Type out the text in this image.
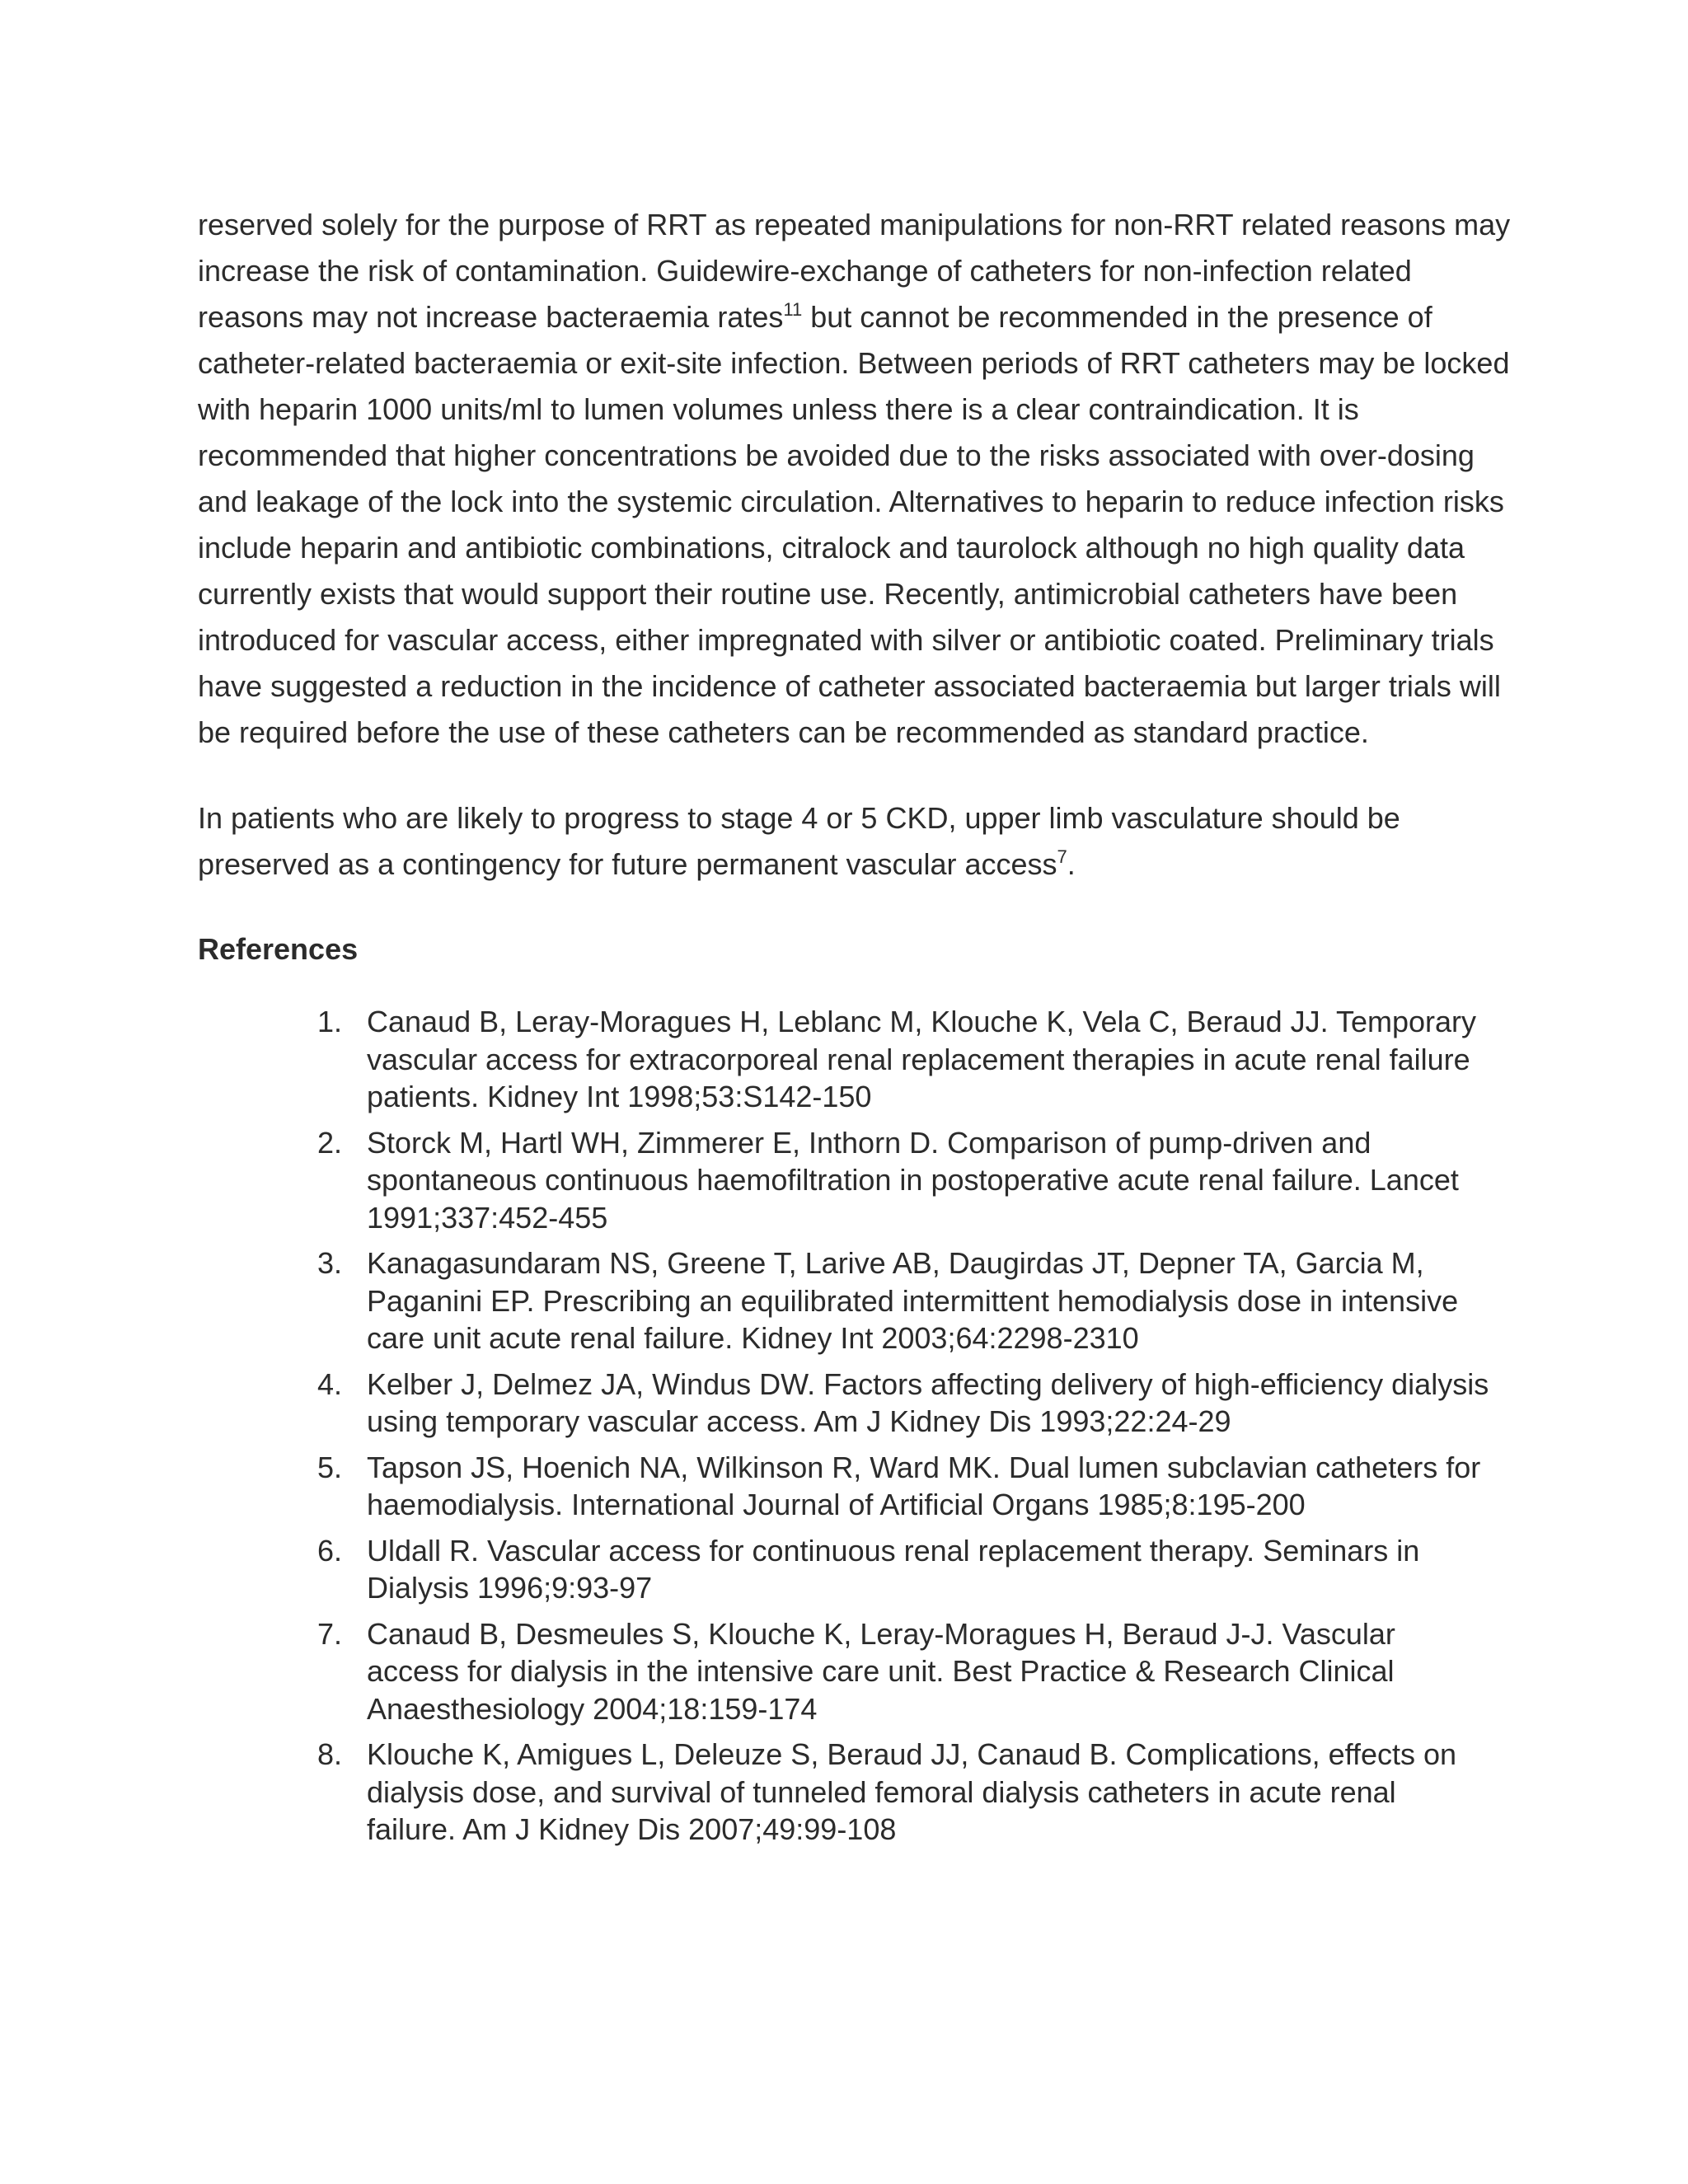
reserved solely for the purpose of RRT as repeated manipulations for non-RRT related reasons may increase the risk of contamination. Guidewire-exchange of catheters for non-infection related reasons may not increase bacteraemia rates$^{11}$ but cannot be recommended in the presence of catheter-related bacteraemia or exit-site infection. Between periods of RRT catheters may be locked with heparin 1000 units/ml to lumen volumes unless there is a clear contraindication. It is recommended that higher concentrations be avoided due to the risks associated with over-dosing and leakage of the lock into the systemic circulation. Alternatives to heparin to reduce infection risks include heparin and antibiotic combinations, citralock and taurolock although no high quality data currently exists that would support their routine use. Recently, antimicrobial catheters have been introduced for vascular access, either impregnated with silver or antibiotic coated. Preliminary trials have suggested a reduction in the incidence of catheter associated bacteraemia but larger trials will be required before the use of these catheters can be recommended as standard practice.

In patients who are likely to progress to stage 4 or 5 CKD, upper limb vasculature should be preserved as a contingency for future permanent vascular access$^7$.

References
1. Canaud B, Leray-Moragues H, Leblanc M, Klouche K, Vela C, Beraud JJ. Temporary vascular access for extracorporeal renal replacement therapies in acute renal failure patients. Kidney Int 1998;53:S142-150
2. Storck M, Hartl WH, Zimmerer E, Inthorn D. Comparison of pump-driven and spontaneous continuous haemofiltration in postoperative acute renal failure. Lancet 1991;337:452-455
3. Kanagasundaram NS, Greene T, Larive AB, Daugirdas JT, Depner TA, Garcia M, Paganini EP. Prescribing an equilibrated intermittent hemodialysis dose in intensive care unit acute renal failure. Kidney Int 2003;64:2298-2310
4. Kelber J, Delmez JA, Windus DW. Factors affecting delivery of high-efficiency dialysis using temporary vascular access. Am J Kidney Dis 1993;22:24-29
5. Tapson JS, Hoenich NA, Wilkinson R, Ward MK. Dual lumen subclavian catheters for haemodialysis. International Journal of Artificial Organs 1985;8:195-200
6. Uldall R. Vascular access for continuous renal replacement therapy. Seminars in Dialysis 1996;9:93-97
7. Canaud B, Desmeules S, Klouche K, Leray-Moragues H, Beraud J-J. Vascular access for dialysis in the intensive care unit. Best Practice & Research Clinical Anaesthesiology 2004;18:159-174
8. Klouche K, Amigues L, Deleuze S, Beraud JJ, Canaud B. Complications, effects on dialysis dose, and survival of tunneled femoral dialysis catheters in acute renal failure. Am J Kidney Dis 2007;49:99-108
